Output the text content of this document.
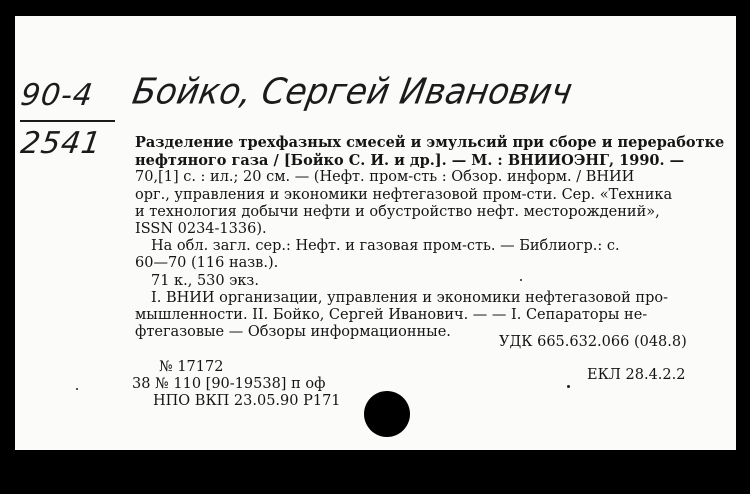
90-4
2541
Бойко, Сергей Иванович
Разделение трехфазных смесей и эмульсий при сборе и переработке
нефтяного газа / [Бойко С. И. и др.]. — М. : ВНИИОЭНГ, 1990. —
70,[1] с. : ил.; 20 см. — (Нефт. пром-сть : Обзор. информ. / ВНИИ
орг., управления и экономики нефтегазовой пром-сти. Сер. «Техника
и технология добычи нефти и обустройство нефт. месторождений»,
ISSN 0234-1336).
На обл. загл. сер.: Нефт. и газовая пром-сть. — Библиогр.: с.
60—70 (116 назв.).
71 к., 530 экз.
I. ВНИИ организации, управления и экономики нефтегазовой про-
мышленности. II. Бойко, Сергей Иванович. — — I. Сепараторы не-
фтегазовые — Обзоры информационные.
УДК 665.632.066 (048.8)
ЕКЛ 28.4.2.2
№ 17172
38 № 110 [90-19538] п оф
НПО ВКП 23.05.90 Р171
